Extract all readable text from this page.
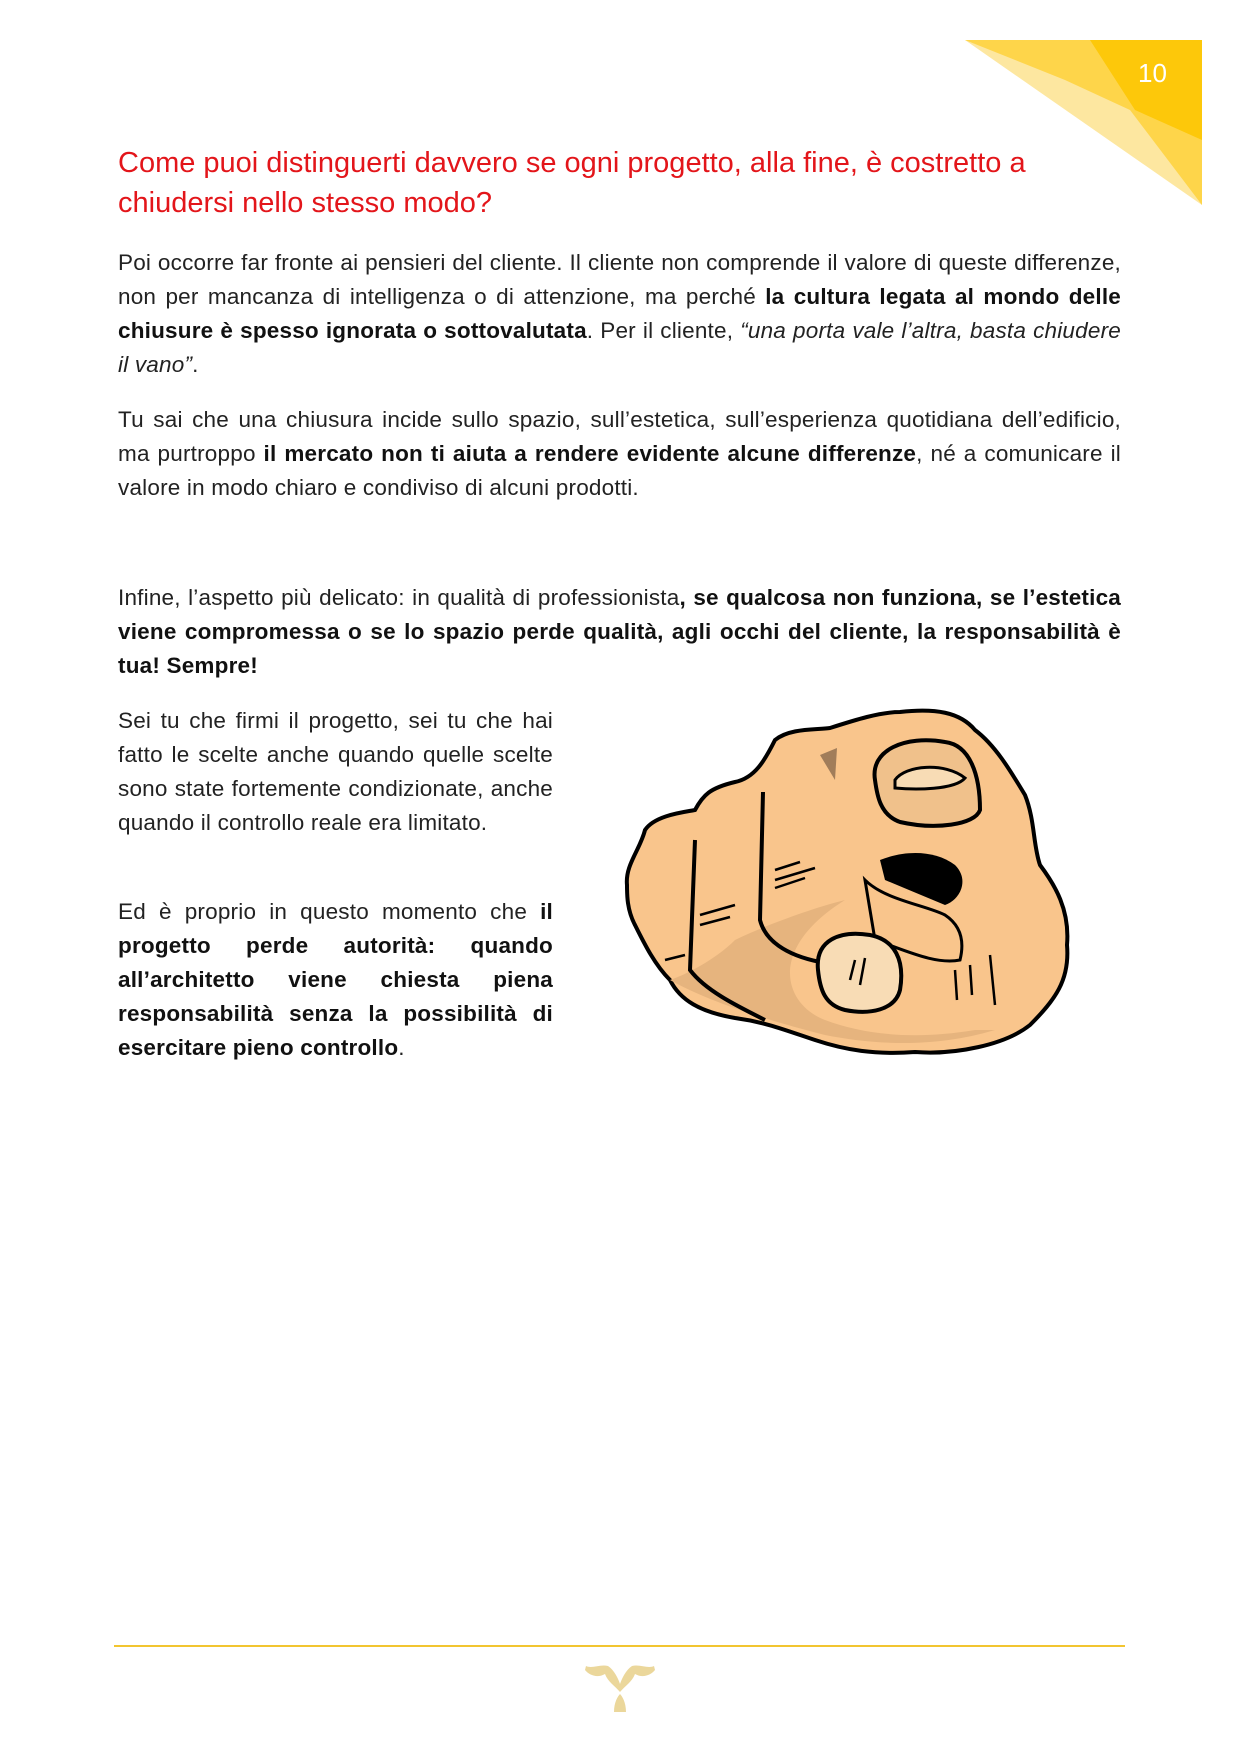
10
Come puoi distinguerti davvero se ogni progetto, alla fine, è costretto a chiudersi nello stesso modo?

Poi occorre far fronte ai pensieri del cliente. Il cliente non comprende il valore di queste differenze, non per mancanza di intelligenza o di attenzione, ma perché la cultura legata al mondo delle chiusure è spesso ignorata o sottovalutata. Per il cliente, “una porta vale l’altra, basta chiudere il vano”.

Tu sai che una chiusura incide sullo spazio, sull’estetica, sull’esperienza quotidiana dell’edificio, ma purtroppo il mercato non ti aiuta a rendere evidente alcune differenze, né a comunicare il valore in modo chiaro e condiviso di alcuni prodotti.

Infine, l’aspetto più delicato: in qualità di professionista, se qualcosa non funziona, se l’estetica viene compromessa o se lo spazio perde qualità, agli occhi del cliente, la responsabilità è tua! Sempre!

Sei tu che firmi il progetto, sei tu che hai fatto le scelte anche quando quelle scelte sono state fortemente condizionate, anche quando il controllo reale era limitato.

Ed è proprio in questo momento che il progetto perde autorità: quando all’architetto viene chiesta piena responsabilità senza la possibilità di esercitare pieno controllo.
